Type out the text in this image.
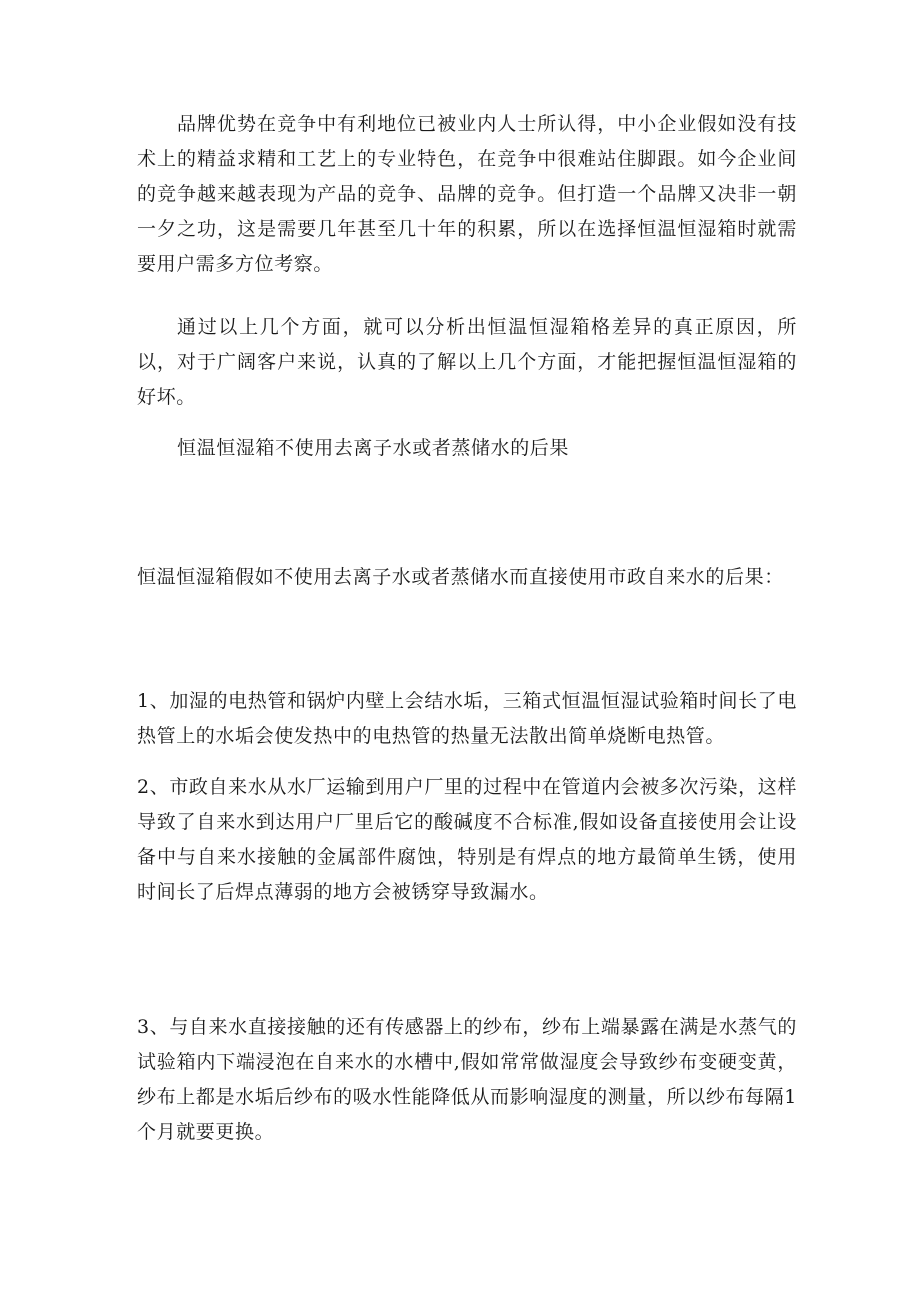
品牌优势在竞争中有利地位已被业内人士所认得，中小企业假如没有技术上的精益求精和工艺上的专业特色，在竞争中很难站住脚跟。如今企业间的竞争越来越表现为产品的竞争、品牌的竞争。但打造一个品牌又决非一朝一夕之功，这是需要几年甚至几十年的积累，所以在选择恒温恒湿箱时就需要用户需多方位考察。

通过以上几个方面，就可以分析出恒温恒湿箱格差异的真正原因，所以，对于广阔客户来说，认真的了解以上几个方面，才能把握恒温恒湿箱的好坏。

恒温恒湿箱不使用去离子水或者蒸储水的后果

恒温恒湿箱假如不使用去离子水或者蒸储水而直接使用市政自来水的后果：

1、加湿的电热管和锅炉内壁上会结水垢，三箱式恒温恒湿试验箱时间长了电热管上的水垢会使发热中的电热管的热量无法散出简单烧断电热管。

2、市政自来水从水厂运输到用户厂里的过程中在管道内会被多次污染，这样导致了自来水到达用户厂里后它的酸碱度不合标准,假如设备直接使用会让设备中与自来水接触的金属部件腐蚀，特别是有焊点的地方最简单生锈，使用时间长了后焊点薄弱的地方会被锈穿导致漏水。

3、与自来水直接接触的还有传感器上的纱布，纱布上端暴露在满是水蒸气的试验箱内下端浸泡在自来水的水槽中,假如常常做湿度会导致纱布变硬变黄，纱布上都是水垢后纱布的吸水性能降低从而影响湿度的测量，所以纱布每隔1个月就要更换。
